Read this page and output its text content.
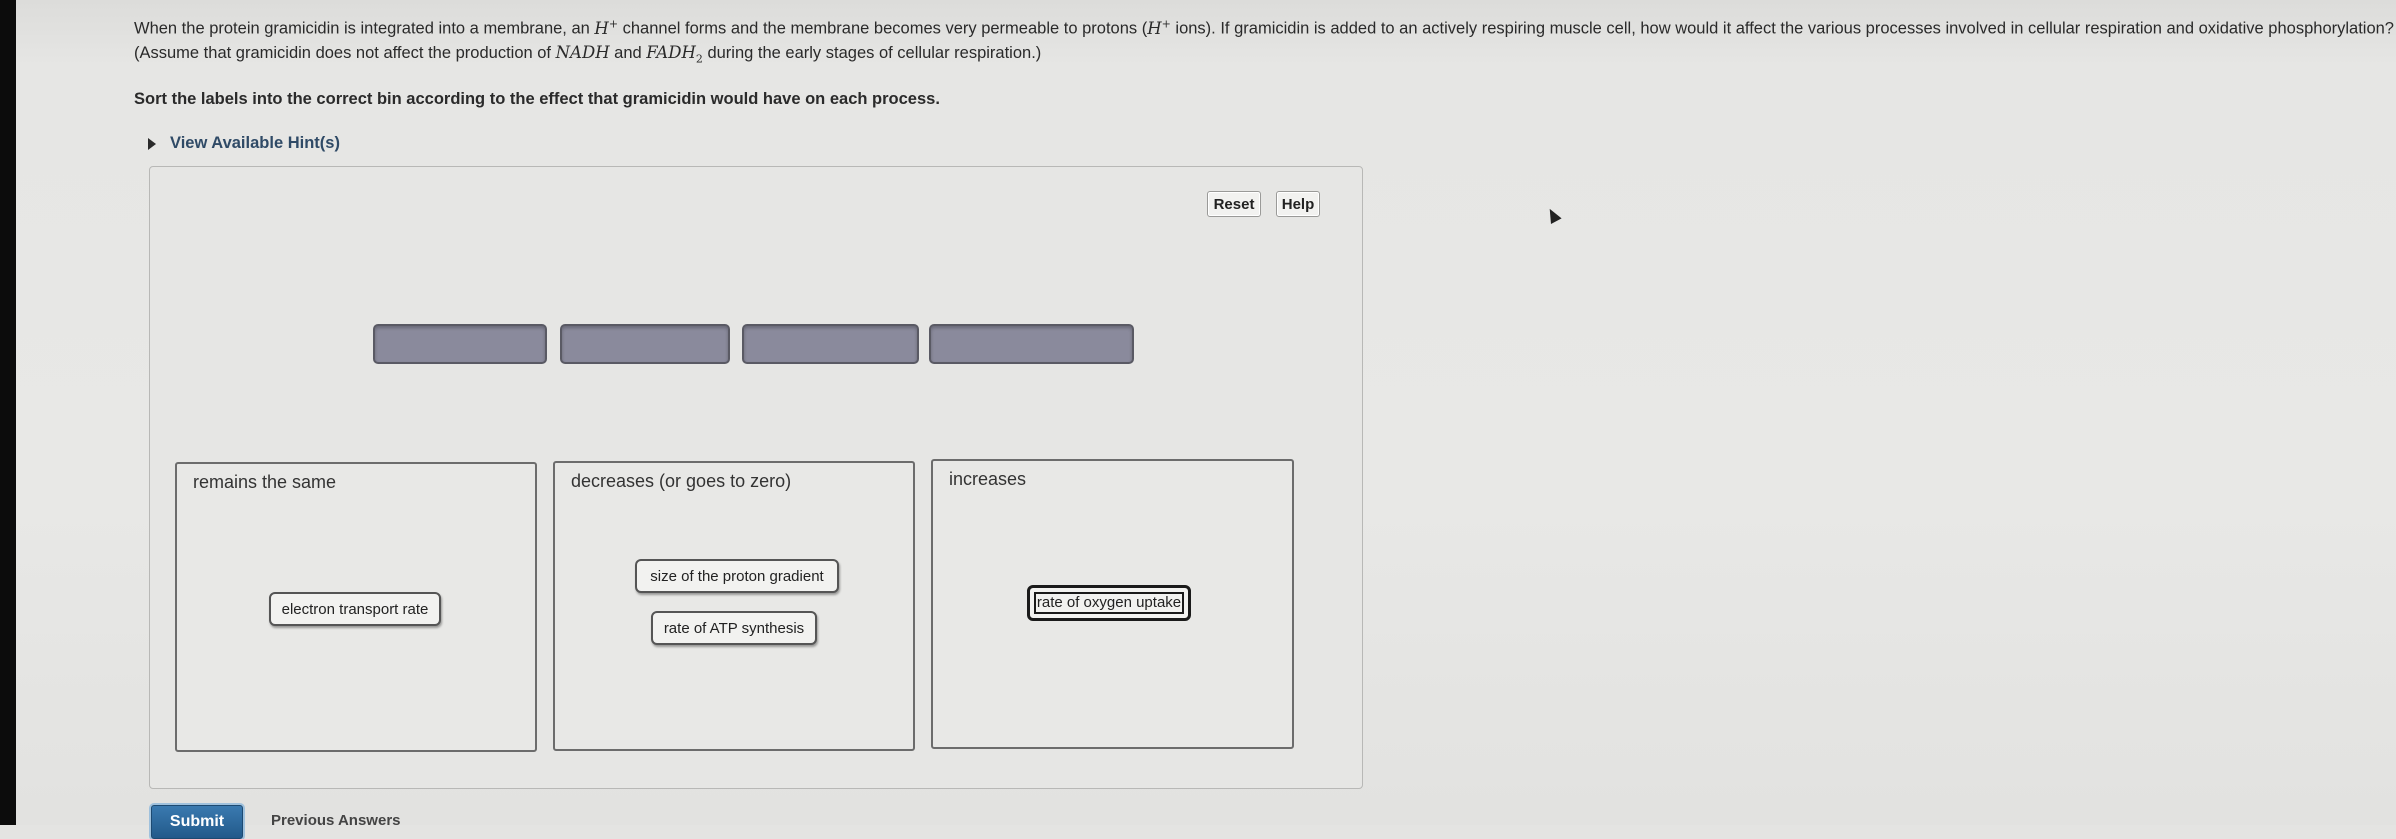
When the protein gramicidin is integrated into a membrane, an H+ channel forms and the membrane becomes very permeable to protons (H+ ions). If gramicidin is added to an actively respiring muscle cell, how would it affect the various processes involved in cellular respiration and oxidative phosphorylation? (Assume that gramicidin does not affect the production of NADH and $FADH_2$ during the early stages of cellular respiration.)
Sort the labels into the correct bin according to the effect that gramicidin would have on each process.
View Available Hint(s)
Reset	Help
remains the same
electron transport rate
decreases (or goes to zero)
size of the proton gradient
rate of ATP synthesis
increases
rate of oxygen uptake
Submit	Previous Answers
